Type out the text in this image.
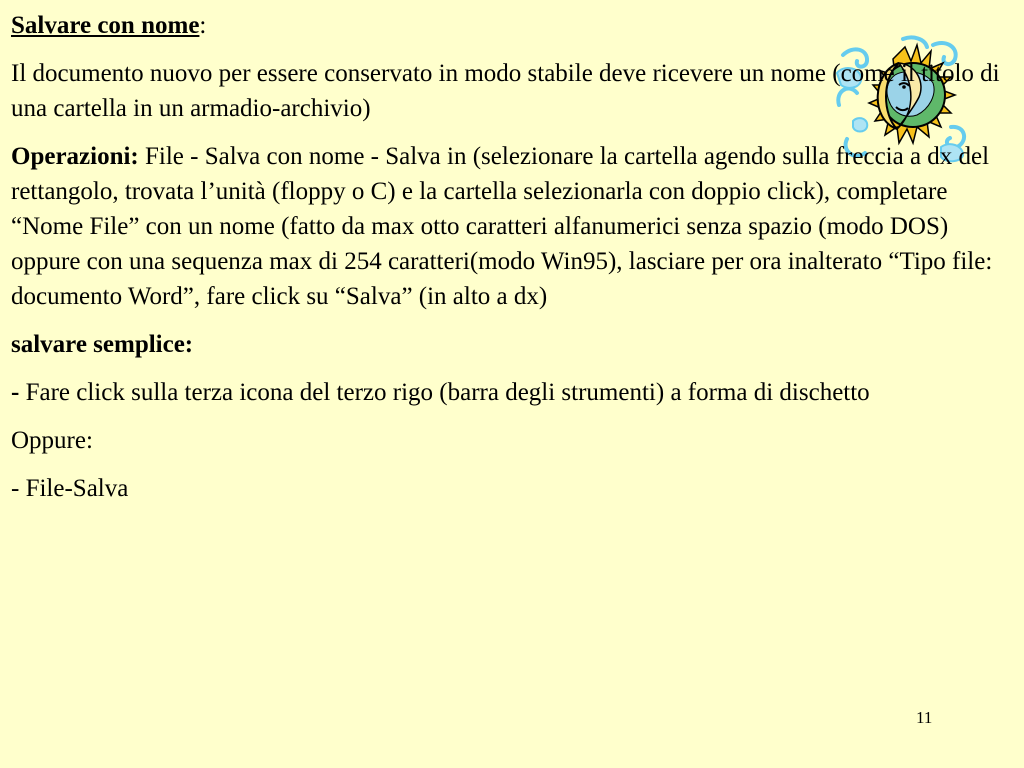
Salvare con nome:

Il documento nuovo per essere conservato in modo stabile deve ricevere un nome (come il titolo di una cartella in un armadio-archivio)

Operazioni: File - Salva con nome - Salva in (selezionare la cartella agendo sulla freccia a dx del rettangolo, trovata l’unità (floppy o C) e la cartella selezionarla con doppio click), completare “Nome File” con un nome (fatto da max otto caratteri alfanumerici senza spazio (modo DOS) oppure con una sequenza max di 254 caratteri(modo Win95), lasciare per ora inalterato “Tipo file: documento Word”, fare click su “Salva” (in alto a dx)

salvare semplice:

- Fare click sulla terza icona del terzo rigo (barra degli strumenti) a forma di dischetto

Oppure:

- File-Salva

11
